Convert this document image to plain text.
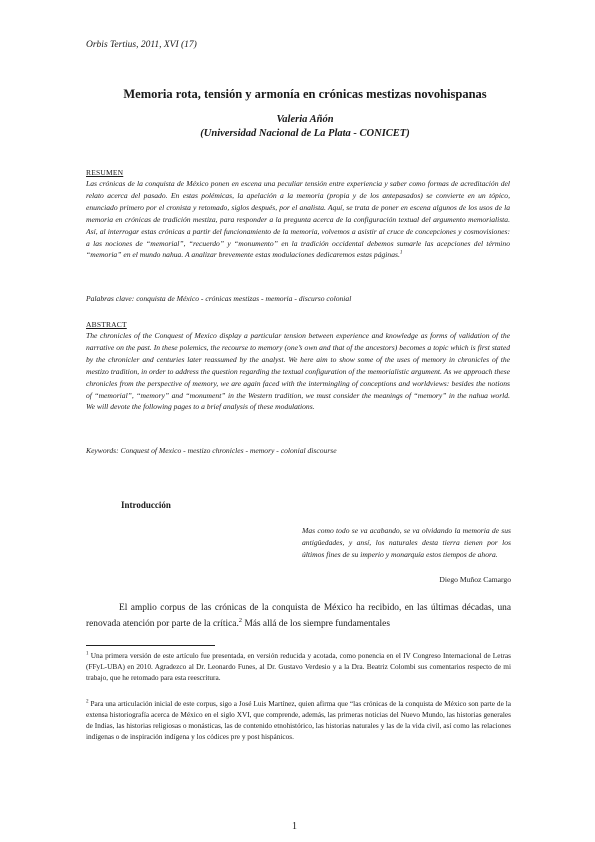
Orbis Tertius, 2011, XVI (17)
Memoria rota, tensión y armonía en crónicas mestizas novohispanas
Valeria Añón
(Universidad Nacional de La Plata - CONICET)
RESUMEN

Las crónicas de la conquista de México ponen en escena una peculiar tensión entre experiencia y saber como formas de acreditación del relato acerca del pasado. En estas polémicas, la apelación a la memoria (propia y de los antepasados) se convierte en un tópico, enunciado primero por el cronista y retomado, siglos después, por el analista. Aquí, se trata de poner en escena algunos de los usos de la memoria en crónicas de tradición mestiza, para responder a la pregunta acerca de la configuración textual del argumento memorialista. Así, al interrogar estas crónicas a partir del funcionamiento de la memoria, volvemos a asistir al cruce de concepciones y cosmovisiones: a las nociones de “memorial”, “recuerdo” y “monumento” en la tradición occidental debemos sumarle las acepciones del término “memoria” en el mundo nahua. A analizar brevemente estas modulaciones dedicaremos estas páginas.$^1$

Palabras clave: conquista de México - crónicas mestizas - memoria - discurso colonial
ABSTRACT

The chronicles of the Conquest of Mexico display a particular tension between experience and knowledge as forms of validation of the narrative on the past. In these polemics, the recourse to memory (one’s own and that of the ancestors) becomes a topic which is first stated by the chronicler and centuries later reassumed by the analyst. We here aim to show some of the uses of memory in chronicles of the mestizo tradition, in order to address the question regarding the textual configuration of the memorialistic argument. As we approach these chronicles from the perspective of memory, we are again faced with the intermingling of conceptions and worldviews: besides the notions of “memorial”, “memory” and “monument” in the Western tradition, we must consider the meanings of “memory” in the nahua world. We will devote the following pages to a brief analysis of these modulations.

Keywords: Conquest of Mexico - mestizo chronicles - memory - colonial discourse
Introducción

Mas como todo se va acabando, se va olvidando la memoria de sus antigüedades, y ansí, los naturales desta tierra tienen por los últimos fines de su imperio y monarquía estos tiempos de ahora.

Diego Muñoz Camargo

El amplio corpus de las crónicas de la conquista de México ha recibido, en las últimas décadas, una renovada atención por parte de la crítica.$^2$ Más allá de los siempre fundamentales

$^1$ Una primera versión de este artículo fue presentada, en versión reducida y acotada, como ponencia en el IV Congreso Internacional de Letras (FFyL-UBA) en 2010. Agradezco al Dr. Leonardo Funes, al Dr. Gustavo Verdesio y a la Dra. Beatriz Colombi sus comentarios respecto de mi trabajo, que he retomado para esta reescritura.

$^2$ Para una articulación inicial de este corpus, sigo a José Luis Martínez, quien afirma que “las crónicas de la conquista de México son parte de la extensa historiografía acerca de México en el siglo XVI, que comprende, además, las primeras noticias del Nuevo Mundo, las historias generales de Indias, las historias religiosas o monásticas, las de contenido etnohistórico, las historias naturales y las de la vida civil, así como las relaciones indígenas o de inspiración indígena y los códices pre y post hispánicos.

1
